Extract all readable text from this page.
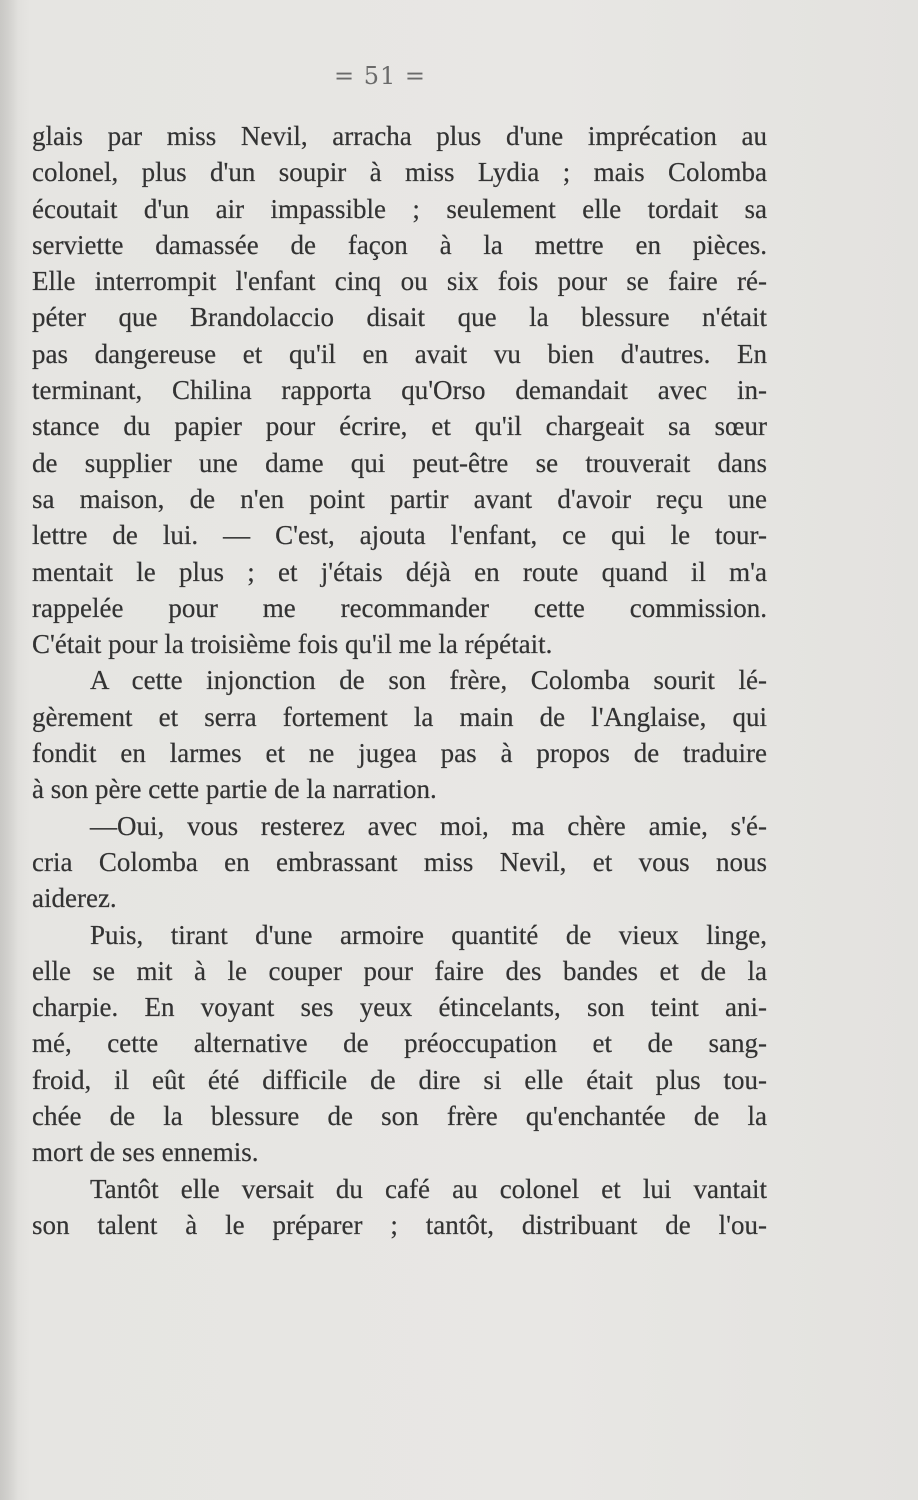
= 51 =
glais par miss Nevil, arracha plus d'une imprécation au
colonel, plus d'un soupir à miss Lydia ; mais Colomba
écoutait d'un air impassible ; seulement elle tordait sa
serviette damassée de façon à la mettre en pièces.
Elle interrompit l'enfant cinq ou six fois pour se faire ré-
péter que Brandolaccio disait que la blessure n'était
pas dangereuse et qu'il en avait vu bien d'autres. En
terminant, Chilina rapporta qu'Orso demandait avec in-
stance du papier pour écrire, et qu'il chargeait sa sœur
de supplier une dame qui peut-être se trouverait dans
sa maison, de n'en point partir avant d'avoir reçu une
lettre de lui. — C'est, ajouta l'enfant, ce qui le tour-
mentait le plus ; et j'étais déjà en route quand il m'a
rappelée pour me recommander cette commission.
C'était pour la troisième fois qu'il me la répétait.
A cette injonction de son frère, Colomba sourit lé-
gèrement et serra fortement la main de l'Anglaise, qui
fondit en larmes et ne jugea pas à propos de traduire
à son père cette partie de la narration.
—Oui, vous resterez avec moi, ma chère amie, s'é-
cria Colomba en embrassant miss Nevil, et vous nous
aiderez.
Puis, tirant d'une armoire quantité de vieux linge,
elle se mit à le couper pour faire des bandes et de la
charpie. En voyant ses yeux étincelants, son teint ani-
mé, cette alternative de préoccupation et de sang-
froid, il eût été difficile de dire si elle était plus tou-
chée de la blessure de son frère qu'enchantée de la
mort de ses ennemis.
Tantôt elle versait du café au colonel et lui vantait
son talent à le préparer ; tantôt, distribuant de l'ou-
